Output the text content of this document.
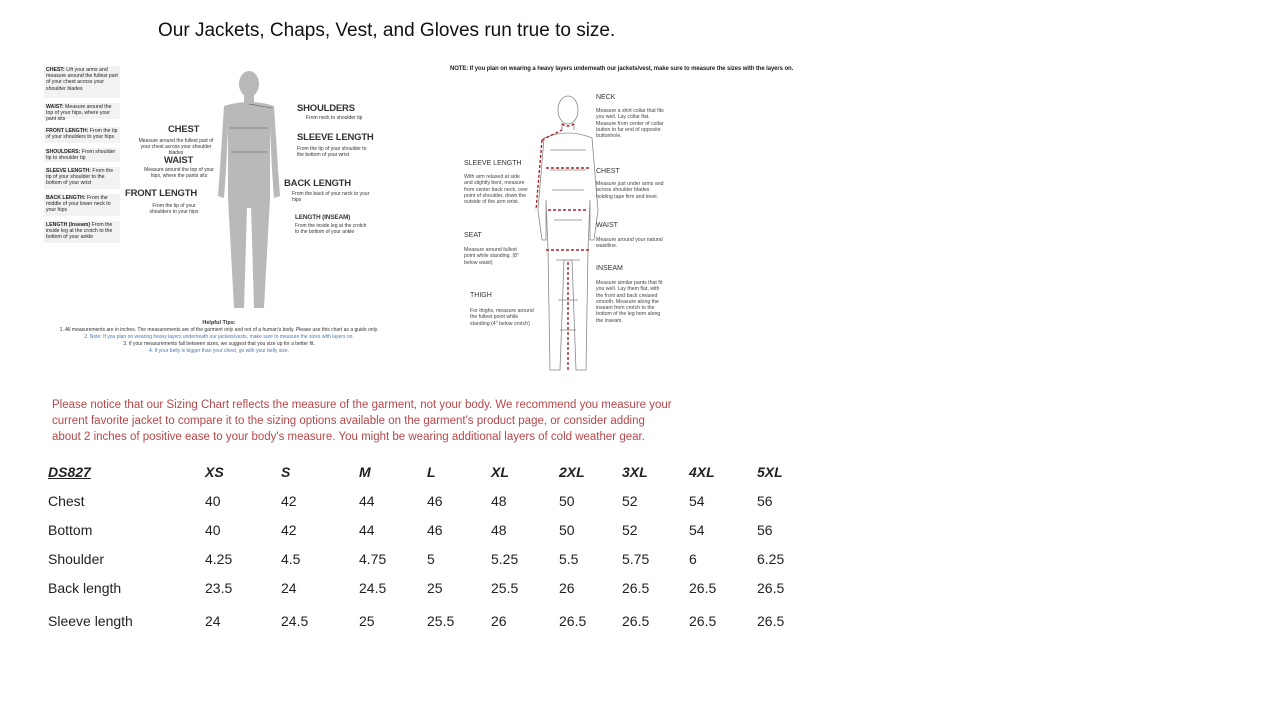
Our Jackets, Chaps, Vest, and Gloves run true to size.
CHEST: Lift your arms and measure around the fullest part of your chest across your shoulder blades
WAIST: Measure around the top of your hips, where your pant sits
FRONT LENGTH: From the tip of your shoulders to your hips
SHOULDERS: From shoulder tip to shoulder tip
SLEEVE LENGTH: From the tip of your shoulder to the bottom of your wrist
BACK LENGTH: From the middle of your lower neck to your hips
LENGTH (Inseam) From the inside leg at the crotch to the bottom of your ankle
CHEST
Measure around the fullest part of your chest across your shoulder blades
WAIST
Measure around the top of your hips, where the pants sits
FRONT LENGTH
From the tip of your shoulders to your hips
SHOULDERS
From neck to shoulder tip
SLEEVE LENGTH
From the tip of your shoulder to the bottom of your wrist
BACK LENGTH
From the back of your neck to your hips
LENGTH (INSEAM)
From the inside leg at the crotch to the bottom of your ankle
Helpful Tips:
1. All measurements are in inches. The measurements are of the garment only and not of a human's body. Please use this chart as a guide only.
2. Note: If you plan on wearing heavy layers underneath our jackets/vests, make sure to measure the sizes with layers on.
3. If your measurements fall between sizes, we suggest that you size up for a better fit.
4. If your belly is bigger than your chest, go with your belly size.
NOTE: If you plan on wearing a heavy layers underneath our jackets/vest, make sure to measure the sizes with the layers on.
NECK
Measure a shirt collar that fits you well. Lay collar flat. Measure from center of collar button to far end of opposite buttonhole.
SLEEVE LENGTH
With arm relaxed at side and slightly bent, measure from center back neck, over point of shoulder, down the outside of the arm wrist.
CHEST
Measure just under arms and across shoulder blades holding tape firm and level.
WAIST
Measure around your natural waistline.
SEAT
Measure around fullest point while standing. (8" below waist)
INSEAM
Measure similar pants that fit you well. Lay them flat, with the front and back creased smooth. Measure along the inseam from crotch to the bottom of the leg hem along the inseam.
THIGH
For thighs, measure around the fullest point while standing (4" below crotch)
Please notice that our Sizing Chart reflects the measure of the garment, not your body. We recommend you measure your
current favorite jacket to compare it to the sizing options available on the garment's product page, or consider adding
about 2 inches of positive ease to your body's measure. You might be wearing additional layers of cold weather gear.
DS827	XS	S	M	L	XL	2XL	3XL	4XL	5XL
Chest	40	42	44	46	48	50	52	54	56
Bottom	40	42	44	46	48	50	52	54	56
Shoulder	4.25	4.5	4.75	5	5.25	5.5	5.75	6	6.25
Back length	23.5	24	24.5	25	25.5	26	26.5	26.5	26.5
Sleeve length	24	24.5	25	25.5	26	26.5	26.5	26.5	26.5
